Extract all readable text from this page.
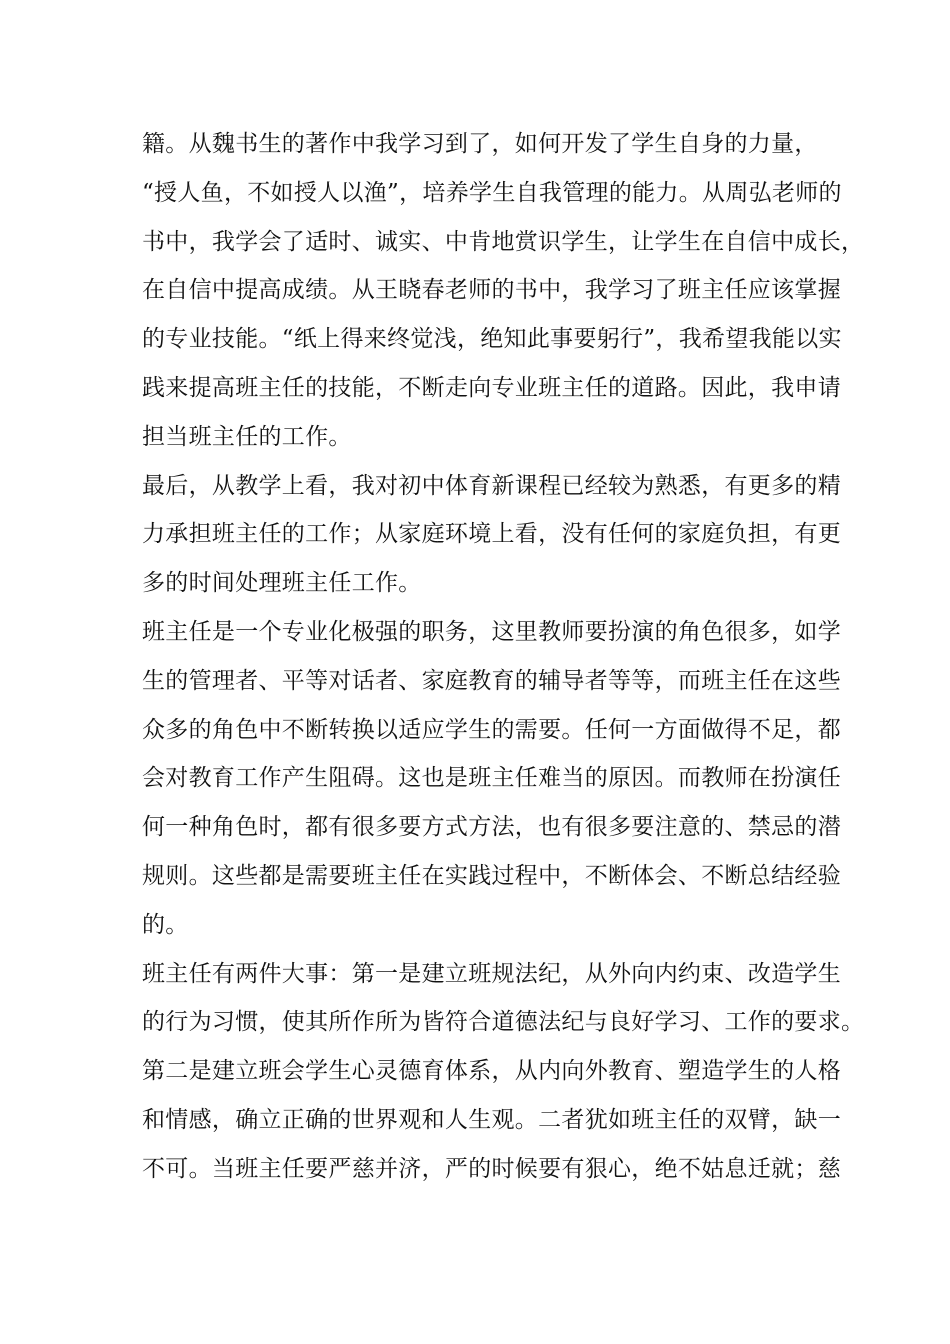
籍。从魏书生的著作中我学习到了，如何开发了学生自身的力量，
“授人鱼，不如授人以渔”，培养学生自我管理的能力。从周弘老师的
书中，我学会了适时、诚实、中肯地赏识学生，让学生在自信中成长，
在自信中提高成绩。从王晓春老师的书中，我学习了班主任应该掌握
的专业技能。“纸上得来终觉浅，绝知此事要躬行”，我希望我能以实
践来提高班主任的技能，不断走向专业班主任的道路。因此，我申请
担当班主任的工作。
最后，从教学上看，我对初中体育新课程已经较为熟悉，有更多的精
力承担班主任的工作；从家庭环境上看，没有任何的家庭负担，有更
多的时间处理班主任工作。
班主任是一个专业化极强的职务，这里教师要扮演的角色很多，如学
生的管理者、平等对话者、家庭教育的辅导者等等，而班主任在这些
众多的角色中不断转换以适应学生的需要。任何一方面做得不足，都
会对教育工作产生阻碍。这也是班主任难当的原因。而教师在扮演任
何一种角色时，都有很多要方式方法，也有很多要注意的、禁忌的潜
规则。这些都是需要班主任在实践过程中，不断体会、不断总结经验
的。
班主任有两件大事：第一是建立班规法纪，从外向内约束、改造学生
的行为习惯，使其所作所为皆符合道德法纪与良好学习、工作的要求。
第二是建立班会学生心灵德育体系，从内向外教育、塑造学生的人格
和情感，确立正确的世界观和人生观。二者犹如班主任的双臂，缺一
不可。当班主任要严慈并济，严的时候要有狠心，绝不姑息迁就；慈
